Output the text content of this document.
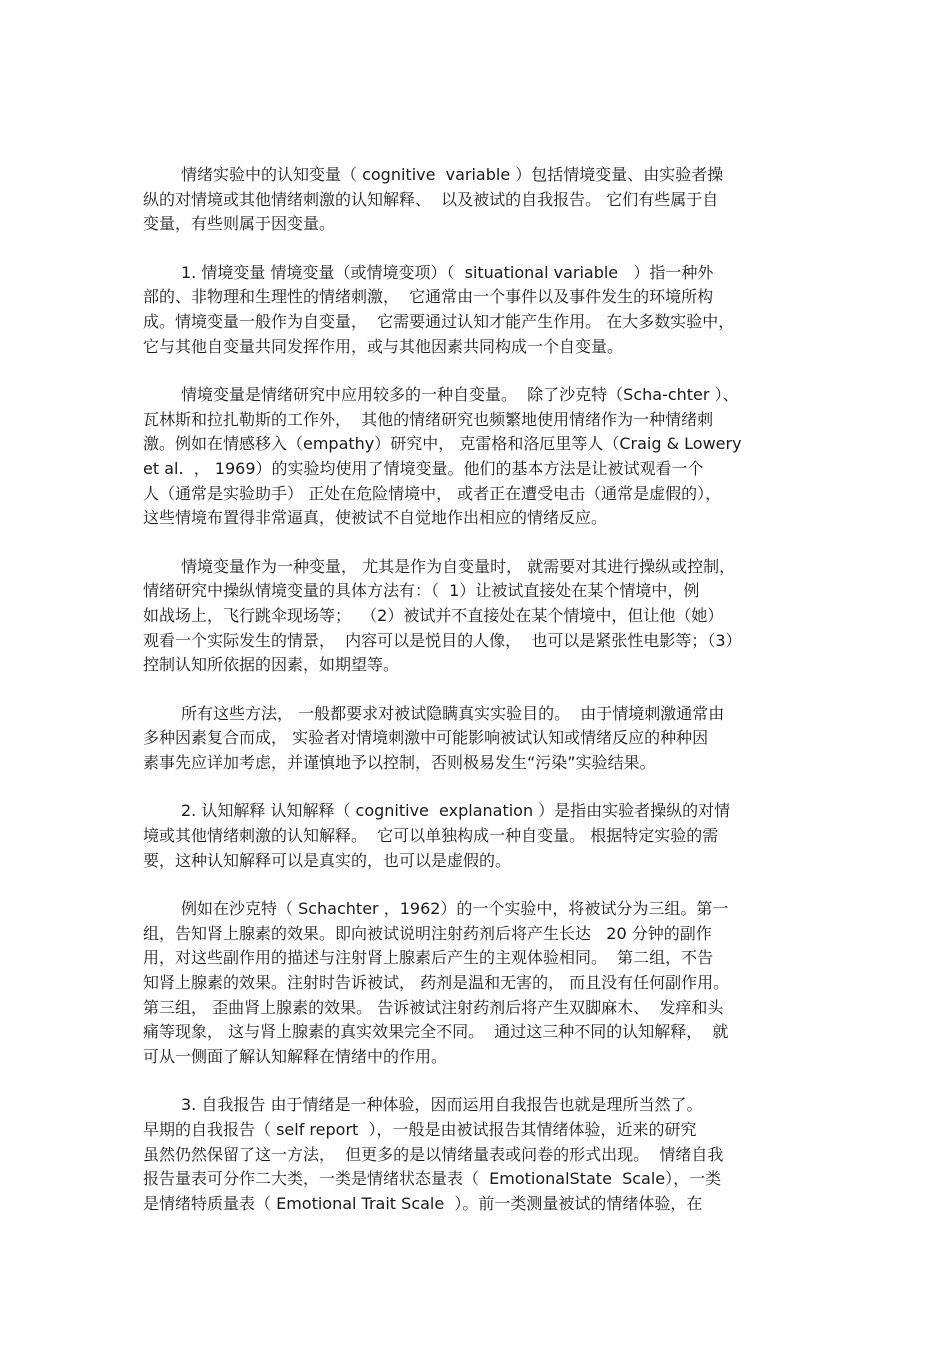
情绪实验中的认知变量（ cognitive  variable ）包括情境变量、由实验者操
纵的对情境或其他情绪刺激的认知解释、  以及被试的自我报告。 它们有些属于自
变量，有些则属于因变量。

1. 情境变量 情境变量（或情境变项）（  situational variable   ）指一种外
部的、非物理和生理性的情绪刺激，  它通常由一个事件以及事件发生的环境所构
成。情境变量一般作为自变量，  它需要通过认知才能产生作用。 在大多数实验中，
它与其他自变量共同发挥作用，或与其他因素共同构成一个自变量。

情境变量是情绪研究中应用较多的一种自变量。  除了沙克特（Scha-chter ）、
瓦林斯和拉扎勒斯的工作外，  其他的情绪研究也频繁地使用情绪作为一种情绪刺
激。例如在情感移入（empathy）研究中， 克雷格和洛厄里等人（Craig & Lowery
et al.  ， 1969）的实验均使用了情境变量。他们的基本方法是让被试观看一个
人（通常是实验助手） 正处在危险情境中， 或者正在遭受电击（通常是虚假的），
这些情境布置得非常逼真，使被试不自觉地作出相应的情绪反应。

情境变量作为一种变量， 尤其是作为自变量时， 就需要对其进行操纵或控制，
情绪研究中操纵情境变量的具体方法有：（  1）让被试直接处在某个情境中，例
如战场上，飞行跳伞现场等；  （2）被试并不直接处在某个情境中，但让他（她）
观看一个实际发生的情景，  内容可以是悦目的人像，  也可以是紧张性电影等；（3）
控制认知所依据的因素，如期望等。

所有这些方法， 一般都要求对被试隐瞒真实实验目的。  由于情境刺激通常由
多种因素复合而成， 实验者对情境刺激中可能影响被试认知或情绪反应的种种因
素事先应详加考虑，并谨慎地予以控制，否则极易发生“污染”实验结果。

2. 认知解释 认知解释（ cognitive  explanation ）是指由实验者操纵的对情
境或其他情绪刺激的认知解释。  它可以单独构成一种自变量。 根据特定实验的需
要，这种认知解释可以是真实的，也可以是虚假的。

例如在沙克特（ Schachter ，1962）的一个实验中，将被试分为三组。第一
组，告知肾上腺素的效果。即向被试说明注射药剂后将产生长达   20 分钟的副作
用，对这些副作用的描述与注射肾上腺素后产生的主观体验相同。  第二组，不告
知肾上腺素的效果。注射时告诉被试， 药剂是温和无害的， 而且没有任何副作用。
第三组， 歪曲肾上腺素的效果。 告诉被试注射药剂后将产生双脚麻木、  发痒和头
痛等现象， 这与肾上腺素的真实效果完全不同。  通过这三种不同的认知解释，  就
可从一侧面了解认知解释在情绪中的作用。

3. 自我报告 由于情绪是一种体验，因而运用自我报告也就是理所当然了。
早期的自我报告（ self report  ），一般是由被试报告其情绪体验，近来的研究
虽然仍然保留了这一方法，  但更多的是以情绪量表或问卷的形式出现。  情绪自我
报告量表可分作二大类，一类是情绪状态量表（  EmotionalState  Scale），一类
是情绪特质量表（ Emotional Trait Scale  ）。前一类测量被试的情绪体验，在
